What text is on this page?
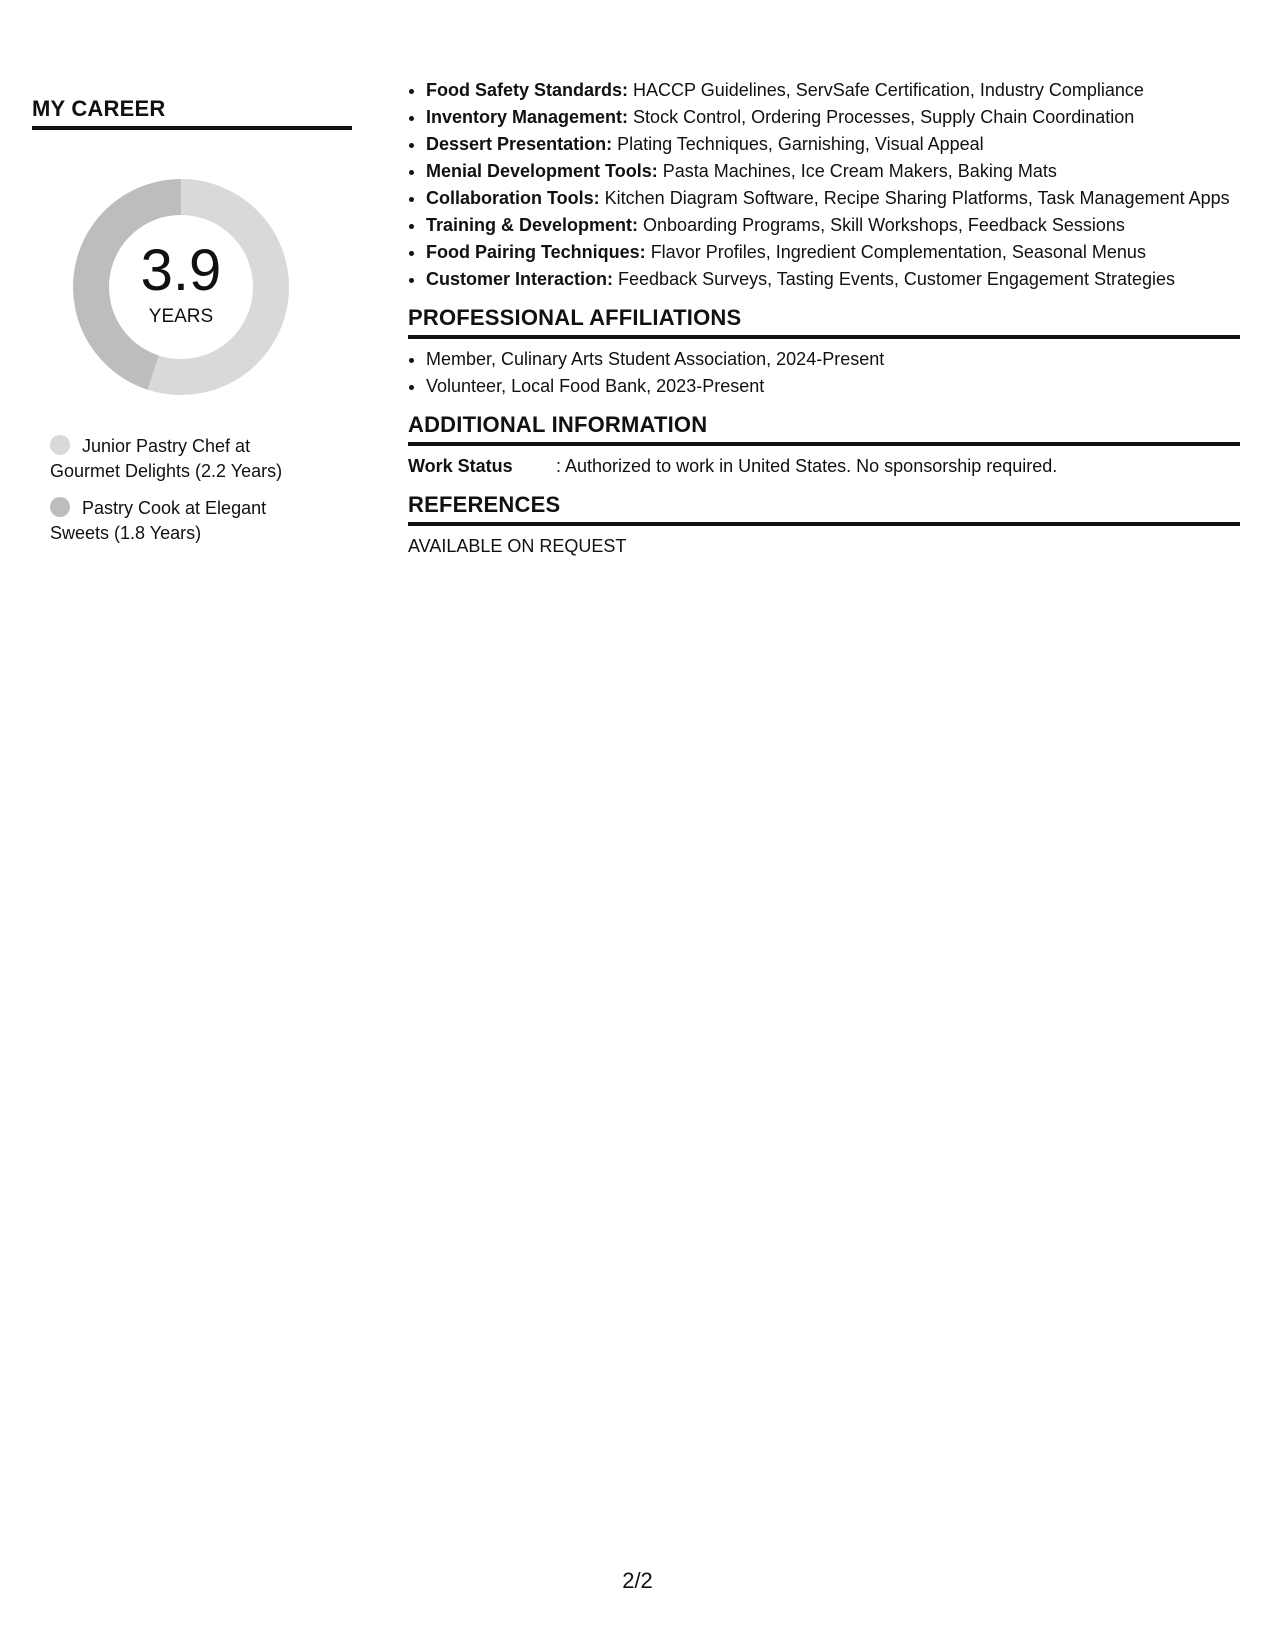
MY CAREER
3.9
YEARS
Junior Pastry Chef at Gourmet Delights (2.2 Years)
Pastry Cook at Elegant Sweets (1.8 Years)
• Food Safety Standards: HACCP Guidelines, ServSafe Certification, Industry Compliance
• Inventory Management: Stock Control, Ordering Processes, Supply Chain Coordination
• Dessert Presentation: Plating Techniques, Garnishing, Visual Appeal
• Menial Development Tools: Pasta Machines, Ice Cream Makers, Baking Mats
• Collaboration Tools: Kitchen Diagram Software, Recipe Sharing Platforms, Task Management Apps
• Training & Development: Onboarding Programs, Skill Workshops, Feedback Sessions
• Food Pairing Techniques: Flavor Profiles, Ingredient Complementation, Seasonal Menus
• Customer Interaction: Feedback Surveys, Tasting Events, Customer Engagement Strategies
PROFESSIONAL AFFILIATIONS
• Member, Culinary Arts Student Association, 2024-Present
• Volunteer, Local Food Bank, 2023-Present
ADDITIONAL INFORMATION
Work Status	: Authorized to work in United States. No sponsorship required.
REFERENCES
AVAILABLE ON REQUEST
2/2
